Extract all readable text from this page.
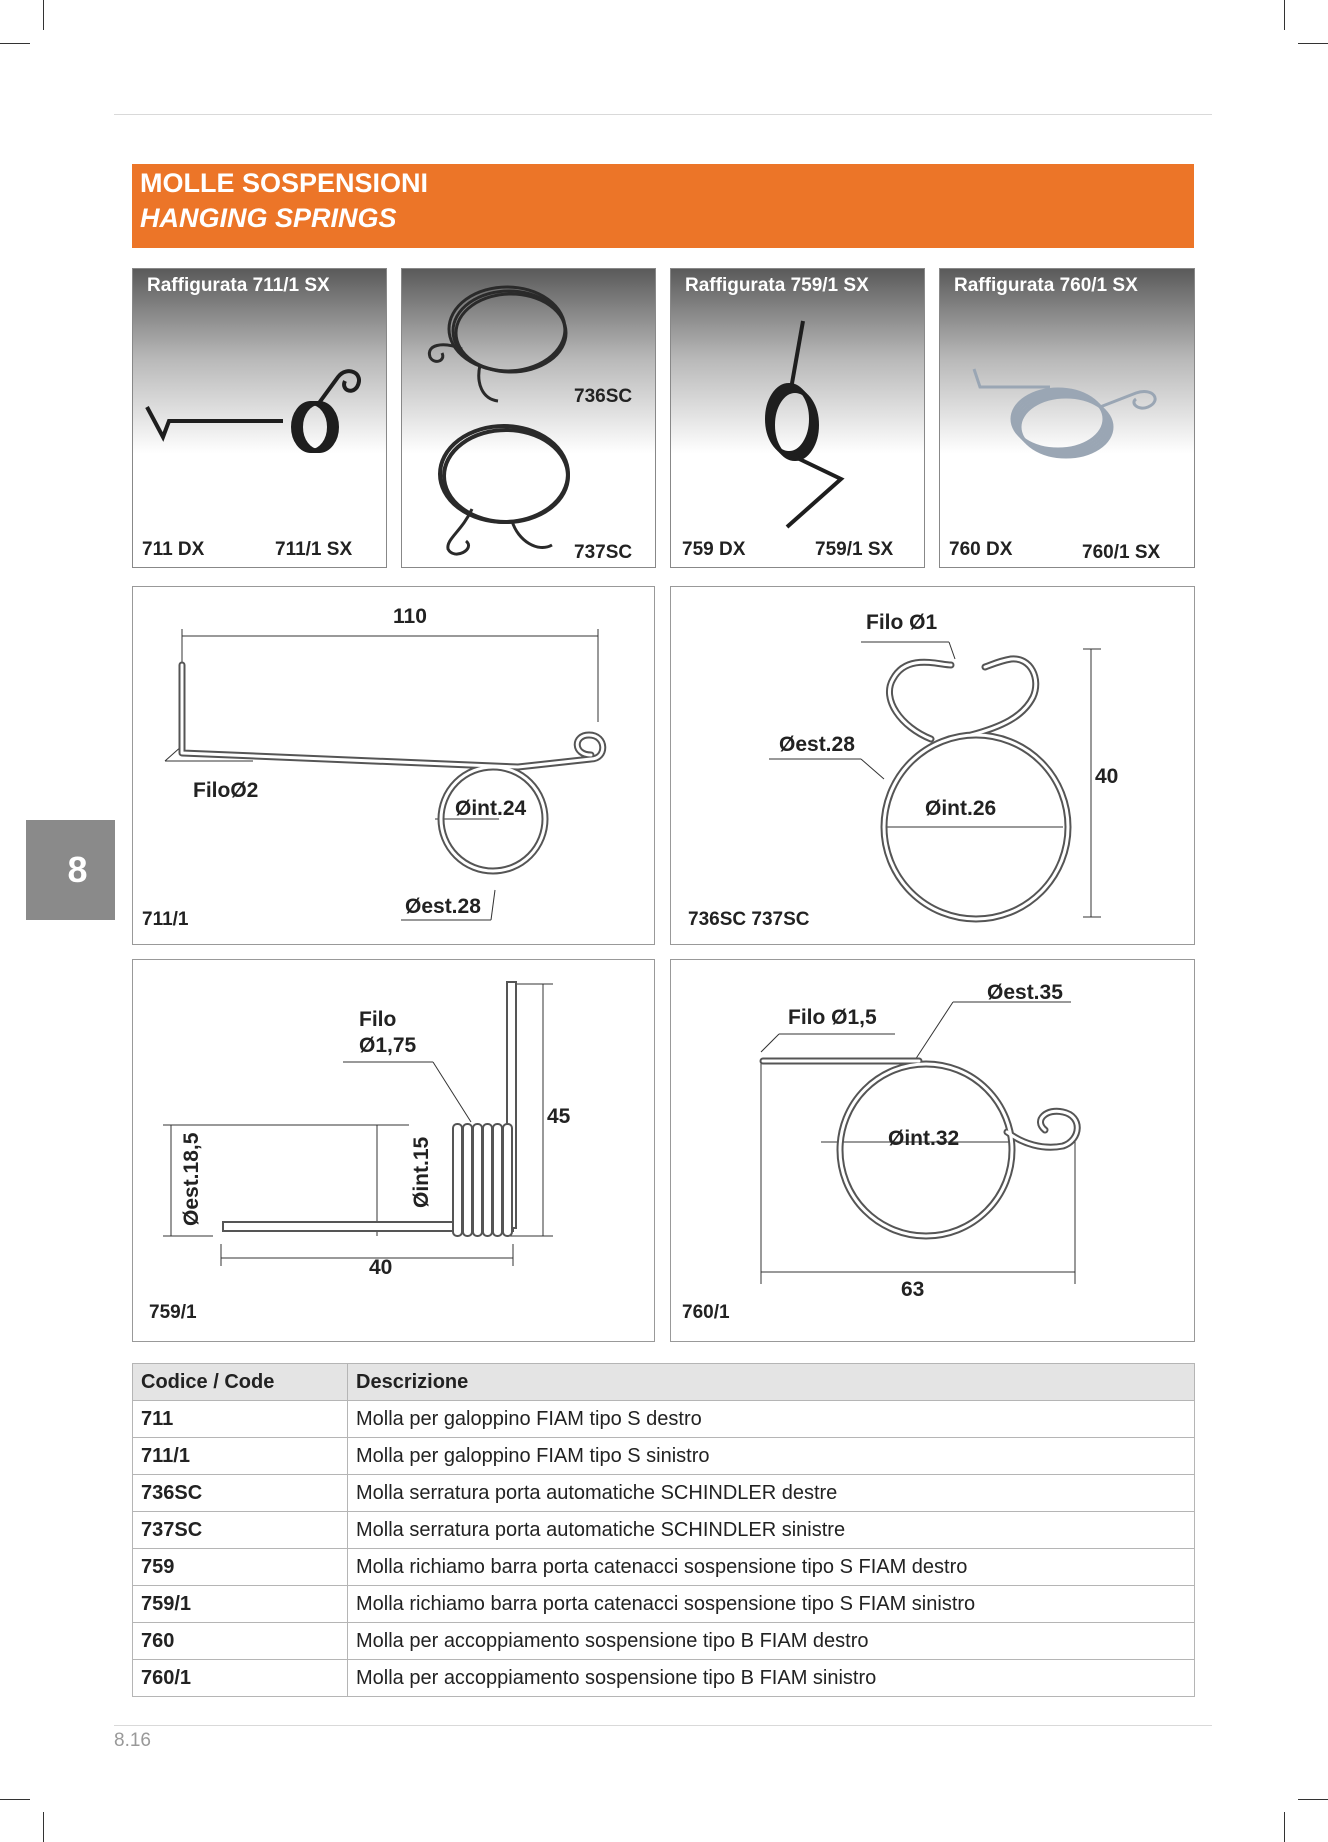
MOLLE SOSPENSIONI
HANGING SPRINGS
8
Raffigurata 711/1 SX
711 DX	711/1 SX
736SC
737SC
Raffigurata 759/1 SX
759 DX	759/1 SX
Raffigurata 760/1 SX
760 DX	760/1 SX
110
FiloØ2
Øint.24
Øest.28
711/1
Filo Ø1
Øest.28
Øint.26
40
736SC 737SC
Filo
Ø1,75
45
Øest.18,5	Øint.15
40
759/1
Filo Ø1,5
Øest.35
Øint.32
63
760/1
Codice / Code	Descrizione
711	Molla per galoppino FIAM tipo S destro
711/1	Molla per galoppino FIAM tipo S sinistro
736SC	Molla serratura porta automatiche SCHINDLER destre
737SC	Molla serratura porta automatiche SCHINDLER sinistre
759	Molla richiamo barra porta catenacci sospensione tipo S FIAM destro
759/1	Molla richiamo barra porta catenacci sospensione tipo S FIAM sinistro
760	Molla per accoppiamento sospensione tipo B FIAM destro
760/1	Molla per accoppiamento sospensione tipo B FIAM sinistro
8.16
